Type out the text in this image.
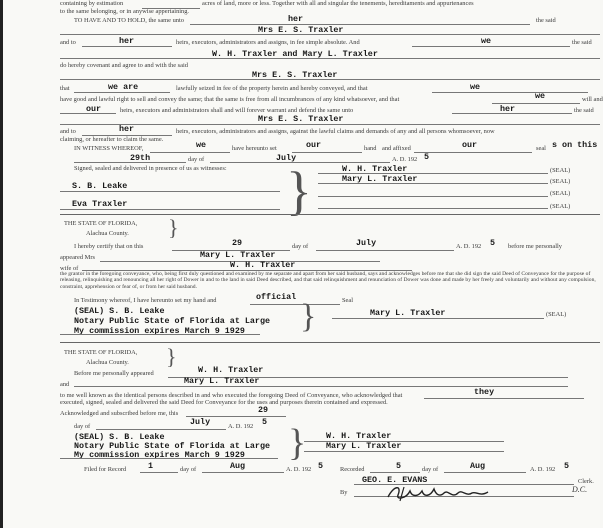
containing by estimation	acres of land, more or less. Together with all and singular the tenements, hereditaments and appurtenances
to the same belonging, or in anywise appertaining.
TO HAVE AND TO HOLD, the same unto	her	the said
Mrs E. S. Traxler
and to	her	heirs, executors, administrators and assigns, in fee simple absolute. And	we	the said
W. H. Traxler and Mary L. Traxler
do hereby covenant and agree to and with the said
Mrs E. S. Traxler
that	we are	lawfully seized in fee of the property herein and hereby conveyed, and that	we
have good and lawful right to sell and convey the same; that the same is free from all incumbrances of any kind whatsoever, and that	we	will and
our	heirs, executors and administrators shall and will forever warrant and defend the same unto	her	the said
Mrs E. S. Traxler
and to	her	heirs, executors, administrators and assigns, against the lawful claims and demands of any and all persons whomsoever, now
claiming, or hereafter to claim the same.
IN WITNESS WHEREOF,	we	have hereunto set	our	hand and affixed	our	seal s on this
29th	day of	July	A. D. 192 5
Signed, sealed and delivered in presence of us as witnesses:	W. H. Traxler	(SEAL)
Mary L. Traxler	(SEAL)
(SEAL)
(SEAL)
S. B. Leake
Eva Traxler	}
THE STATE OF FLORIDA,
Alachua County. }
I hereby certify that on this	29	day of	July	A. D. 192 5 before me personally
appeared Mrs	Mary L. Traxler
wife of	W. H. Traxler
the grantor in the foregoing conveyance, who, being first duly questioned and examined by me separate and apart from her said husband, says and acknowledges before me that she did sign the said Deed of Conveyance for the purpose of releasing, relinquishing and renouncing all her right of Dower in and to the land in said Deed described, and that said relinquishment and renunciation of Dower was done and made by her freely and voluntarily and without any compulsion, constraint, apprehension or fear of, or from her said husband.
In Testimony whereof, I have hereunto set my hand and	official	Seal
(SEAL) S. B. Leake
Notary Public State of Florida at Large
My commission expires March 9 1929 }	Mary L. Traxler	(SEAL)
THE STATE OF FLORIDA,
Alachua County. }
Before me personally appeared	W. H. Traxler
and	Mary L. Traxler
to me well known as the identical persons described in and who executed the foregoing Deed of Conveyance, who acknowledged that	they
executed, signed, sealed and delivered the said Deed for Conveyance for the uses and purposes therein contained and expressed.
Acknowledged and subscribed before me, this	29
day of	July	A. D. 192 5
(SEAL) S. B. Leake
Notary Public State of Florida at Large
My commission expires March 9 1929 } W. H. Traxler
Mary L. Traxler
Filed for Record	1	day of	Aug	A. D. 192 5	Recorded	5	day of	Aug	A. D. 192 5
GEO. E. EVANS	Clerk.
By	D.C.
